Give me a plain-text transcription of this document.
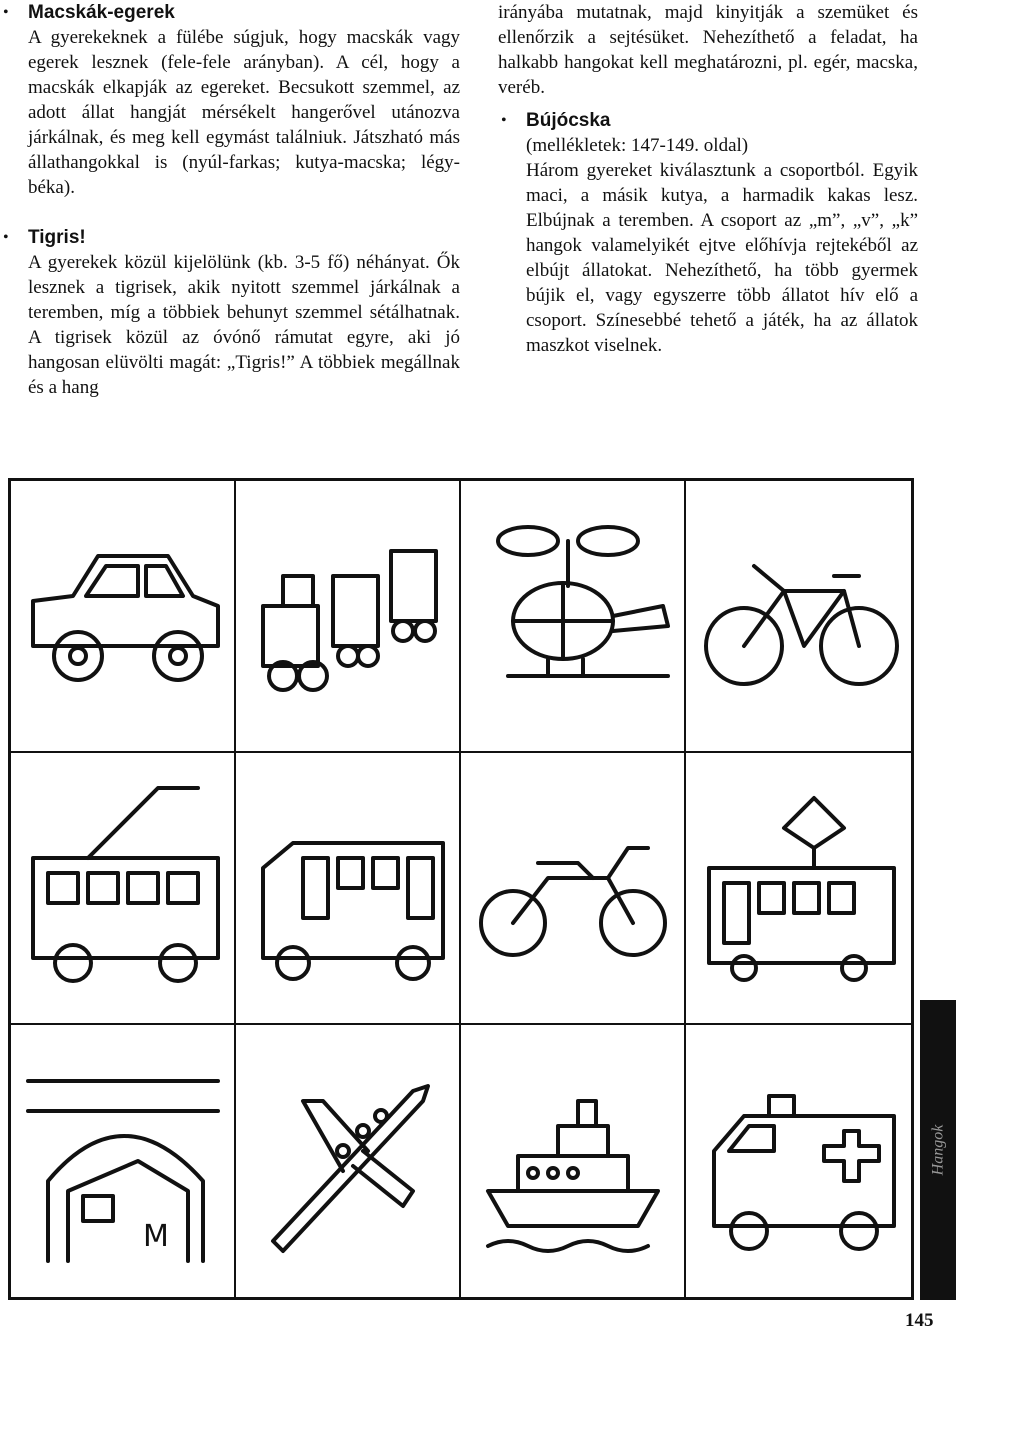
• Macskák-egerek
A gyerekeknek a fülébe súgjuk, hogy macskák vagy egerek lesznek (fele-fele arányban). A cél, hogy a macskák elkapják az egereket. Becsukott szemmel, az adott állat hangját mérsékelt hangerővel utánozva járkálnak, és meg kell egymást találniuk. Játszható más állathangokkal is (nyúl-farkas; kutya-macska; légy-béka).
• Tigris!
A gyerekek közül kijelölünk (kb. 3-5 fő) néhányat. Ők lesznek a tigrisek, akik nyitott szemmel járkálnak a teremben, míg a többiek behunyt szemmel sétálhatnak. A tigrisek közül az óvónő rámutat egyre, aki jó hangosan elüvölti magát: „Tigris!” A többiek megállnak és a hang
irányába mutatnak, majd kinyitják a szemüket és ellenőrzik a sejtésüket. Nehezíthető a feladat, ha halkabb hangokat kell meghatározni, pl. egér, macska, veréb.
• Bújócska
(mellékletek: 147-149. oldal)
Három gyereket kiválasztunk a csoportból. Egyik maci, a másik kutya, a harmadik kakas lesz. Elbújnak a teremben. A csoport az „m”, „v”, „k” hangok valamelyikét ejtve előhívja rejtekéből az elbújt állatokat. Nehezíthető, ha több gyermek bújik el, vagy egyszerre több állatot hív elő a csoport. Színesebbé tehető a játék, ha az állatok maszkot viselnek.
M
Hangok
145
